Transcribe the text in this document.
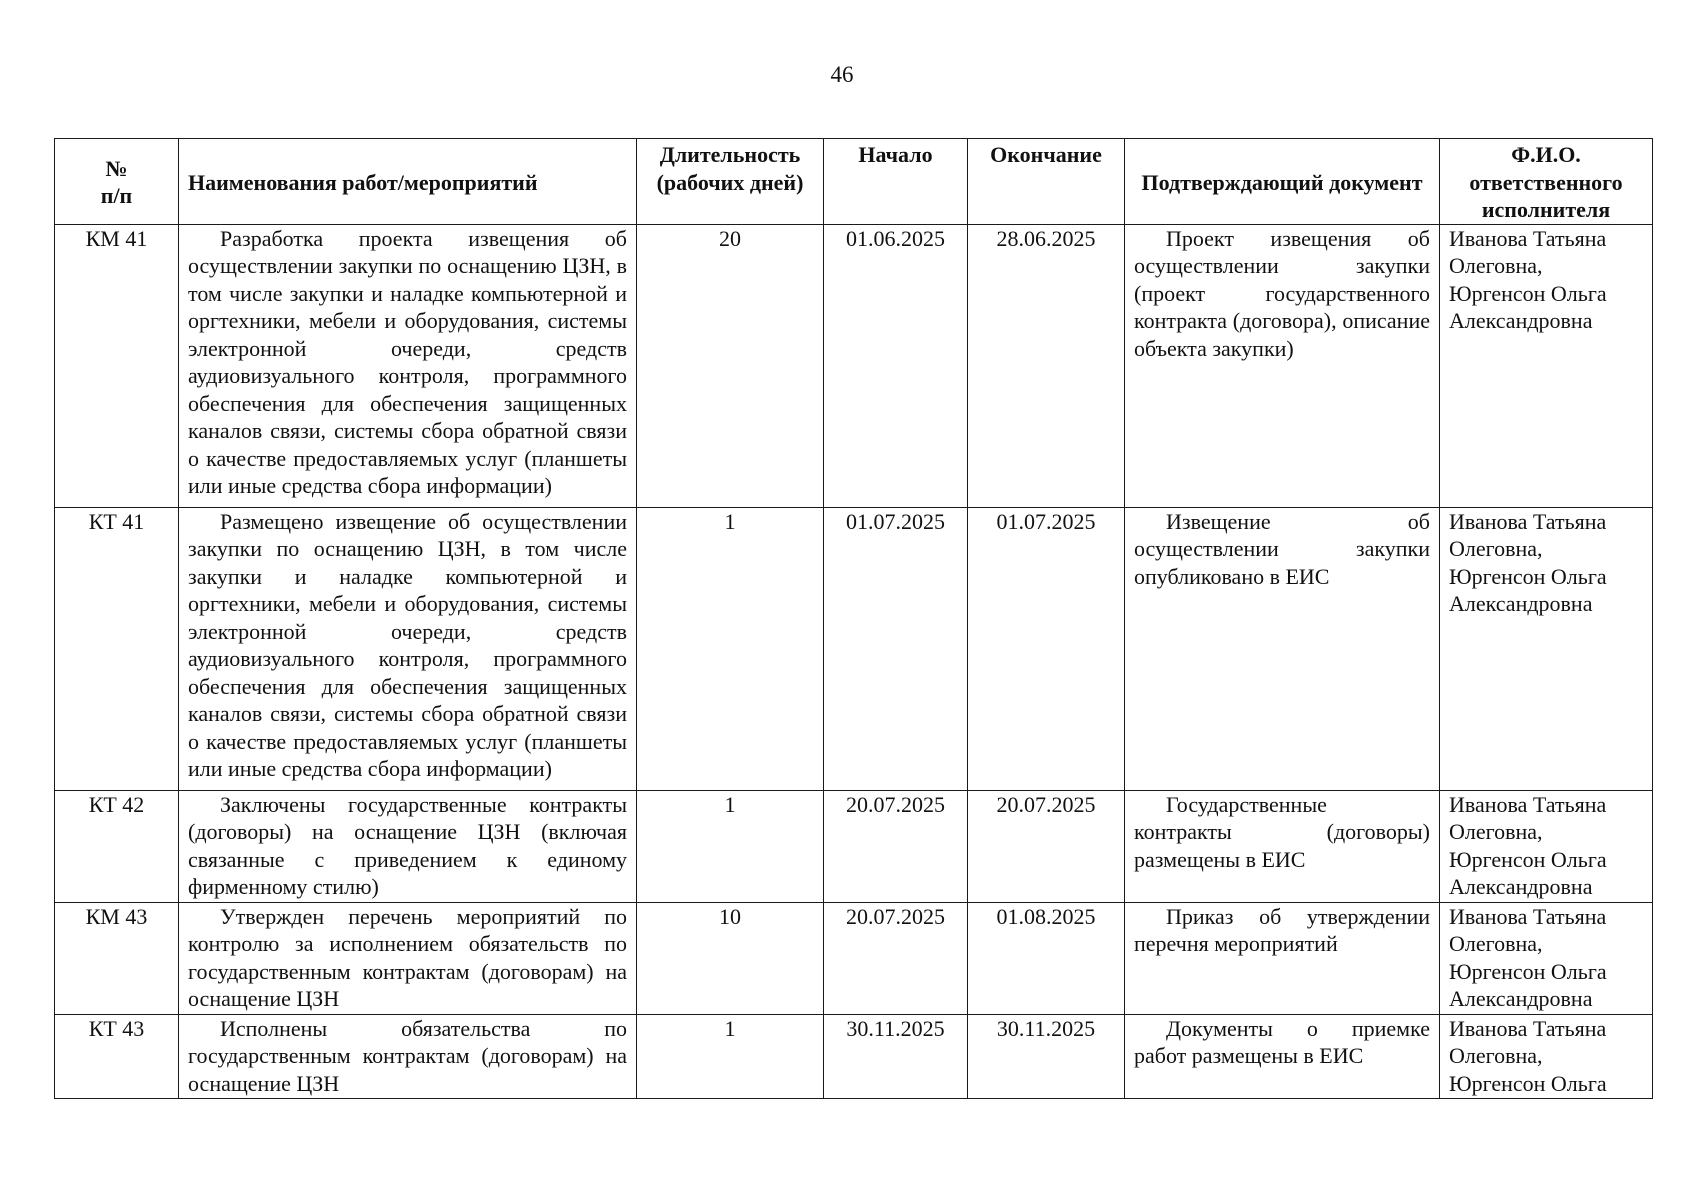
46
№
п/п	Наименования работ/мероприятий	Длительность (рабочих дней)	Начало	Окончание	Подтверждающий документ	Ф.И.О. ответственного исполнителя
КМ 41	Разработка проекта извещения об осуществлении закупки по оснащению ЦЗН, в том числе закупки и наладке компьютерной и оргтехники, мебели и оборудования, системы электронной очереди, средств аудиовизуального контроля, программного обеспечения для обеспечения защищенных каналов связи, системы сбора обратной связи о качестве предоставляемых услуг (планшеты или иные средства сбора информации)	20	01.06.2025	28.06.2025	Проект извещения об осуществлении закупки (проект государственного контракта (договора), описание объекта закупки)	Иванова Татьяна Олеговна, Юргенсон Ольга Александровна
КТ 41	Размещено извещение об осуществлении закупки по оснащению ЦЗН, в том числе закупки и наладке компьютерной и оргтехники, мебели и оборудования, системы электронной очереди, средств аудиовизуального контроля, программного обеспечения для обеспечения защищенных каналов связи, системы сбора обратной связи о качестве предоставляемых услуг (планшеты или иные средства сбора информации)	1	01.07.2025	01.07.2025	Извещение об осуществлении закупки опубликовано в ЕИС	Иванова Татьяна Олеговна, Юргенсон Ольга Александровна
КТ 42	Заключены государственные контракты (договоры) на оснащение ЦЗН (включая связанные с приведением к единому фирменному стилю)	1	20.07.2025	20.07.2025	Государственные контракты (договоры) размещены в ЕИС	Иванова Татьяна Олеговна, Юргенсон Ольга Александровна
КМ 43	Утвержден перечень мероприятий по контролю за исполнением обязательств по государственным контрактам (договорам) на оснащение ЦЗН	10	20.07.2025	01.08.2025	Приказ об утверждении перечня мероприятий	Иванова Татьяна Олеговна, Юргенсон Ольга Александровна
КТ 43	Исполнены обязательства по государственным контрактам (договорам) на оснащение ЦЗН	1	30.11.2025	30.11.2025	Документы о приемке работ размещены в ЕИС	Иванова Татьяна Олеговна, Юргенсон Ольга
